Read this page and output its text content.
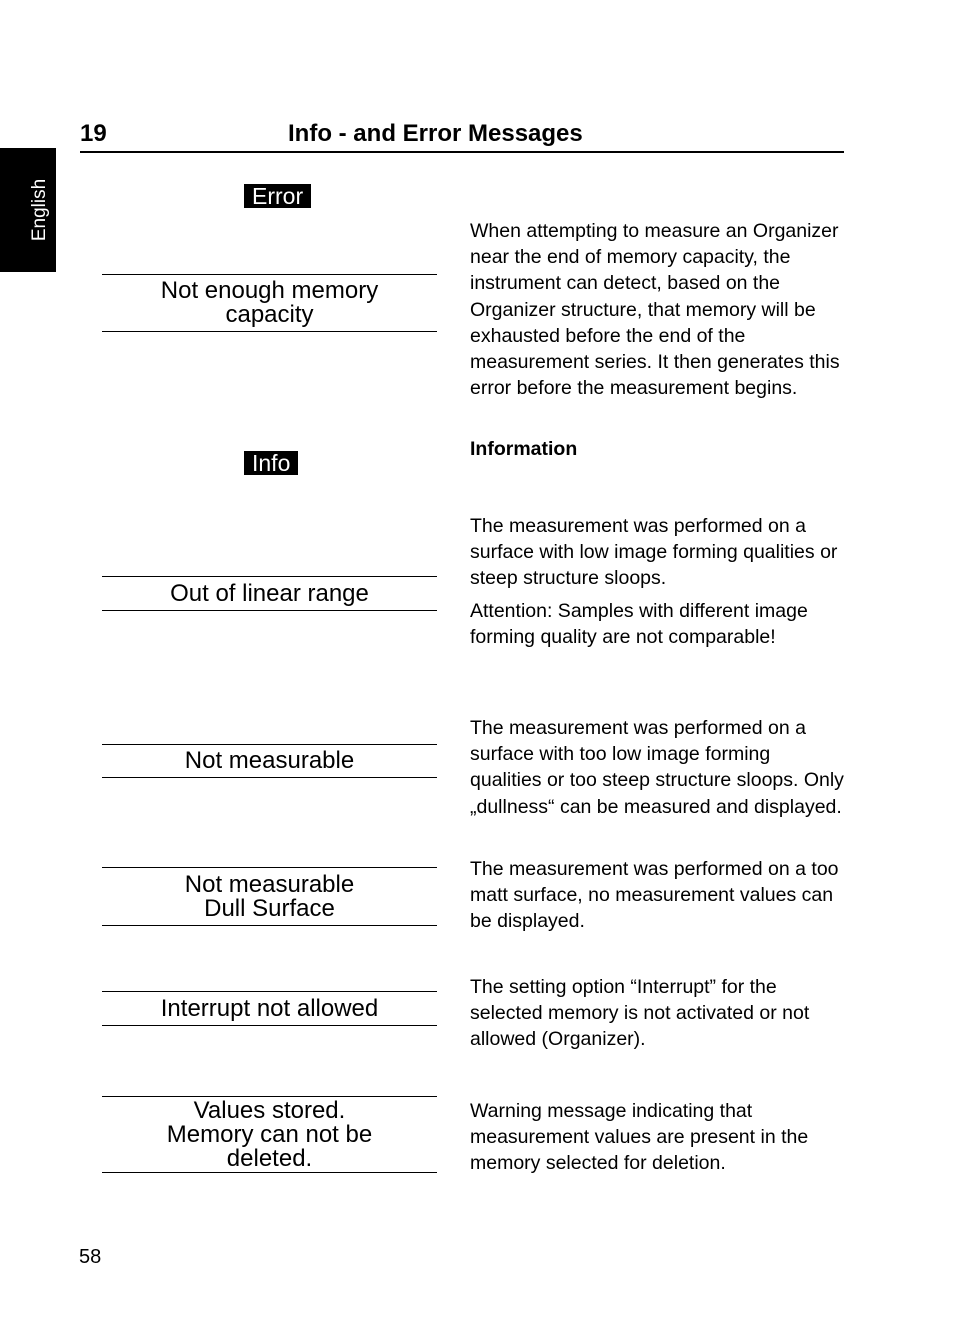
English
19	Info - and Error Messages
Error
Not enough memory
capacity

When attempting to measure an Organizer near the end of memory capacity, the instrument can detect, based on the Organizer structure, that memory will be exhausted before the end of the measurement series. It then generates this error before the measurement begins.

Information
Info
Out of linear range

The measurement was performed on a surface with low image forming qualities or steep structure sloops.

Attention: Samples with different image forming quality are not comparable!

Not measurable

The measurement was performed on a surface with too low image forming qualities or too steep structure sloops. Only „dullness“ can be measured and displayed.

Not measurable
Dull Surface

The measurement was performed on a too matt surface, no measurement values can be displayed.

Interrupt not allowed

The setting option “Interrupt” for the selected memory is not activated or not allowed (Organizer).

Values stored.
Memory can not be
deleted.

Warning message indicating that measurement values are present in the memory selected for deletion.

58
